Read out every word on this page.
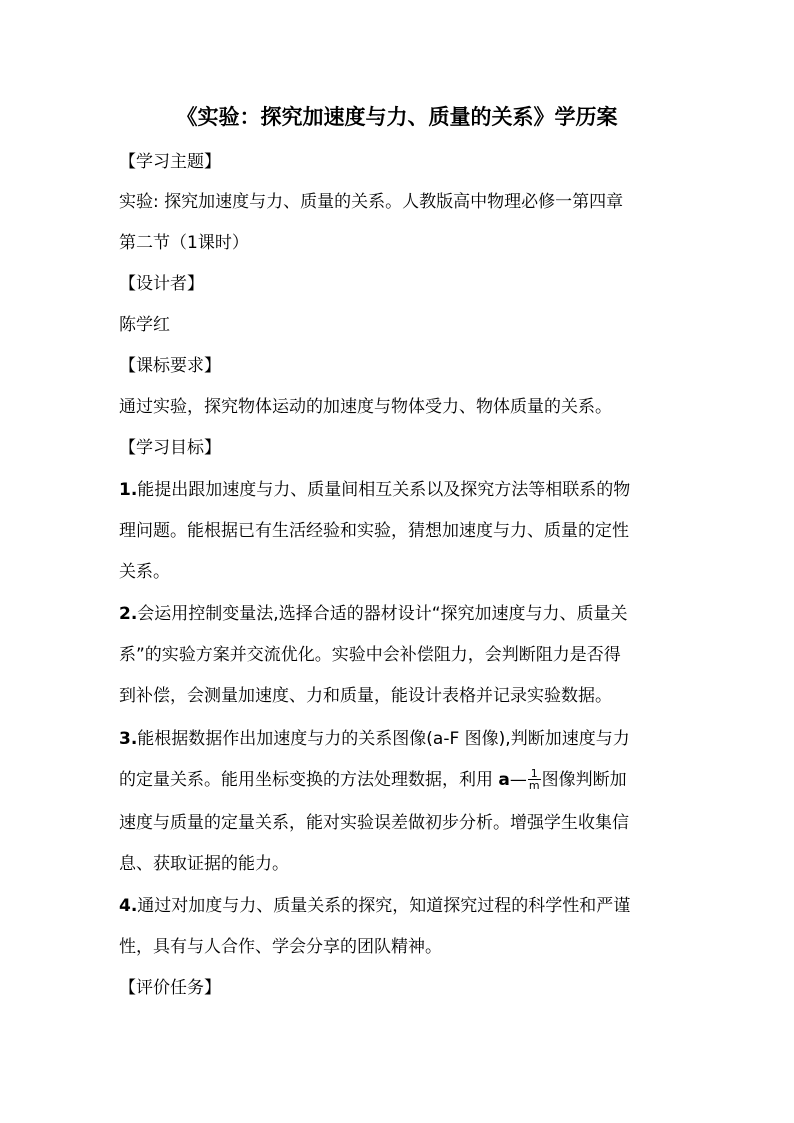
《实验：探究加速度与力、质量的关系》学历案
【学习主题】
实验: 探究加速度与力、质量的关系。人教版高中物理必修一第四章
第二节（1课时）
【设计者】
陈学红
【课标要求】
通过实验，探究物体运动的加速度与物体受力、物体质量的关系。
【学习目标】
1.能提出跟加速度与力、质量间相互关系以及探究方法等相联系的物
理问题。能根据已有生活经验和实验，猜想加速度与力、质量的定性
关系。
2.会运用控制变量法,选择合适的器材设计“探究加速度与力、质量关
系”的实验方案并交流优化。实验中会补偿阻力，会判断阻力是否得
到补偿，会测量加速度、力和质量，能设计表格并记录实验数据。
3.能根据数据作出加速度与力的关系图像(a-F 图像),判断加速度与力
的定量关系。能用坐标变换的方法处理数据，利用 a— $\frac{1}{m}$ 图像判断加
速度与质量的定量关系，能对实验误差做初步分析。增强学生收集信
息、获取证据的能力。
4.通过对加度与力、质量关系的探究，知道探究过程的科学性和严谨
性，具有与人合作、学会分享的团队精神。
【评价任务】
